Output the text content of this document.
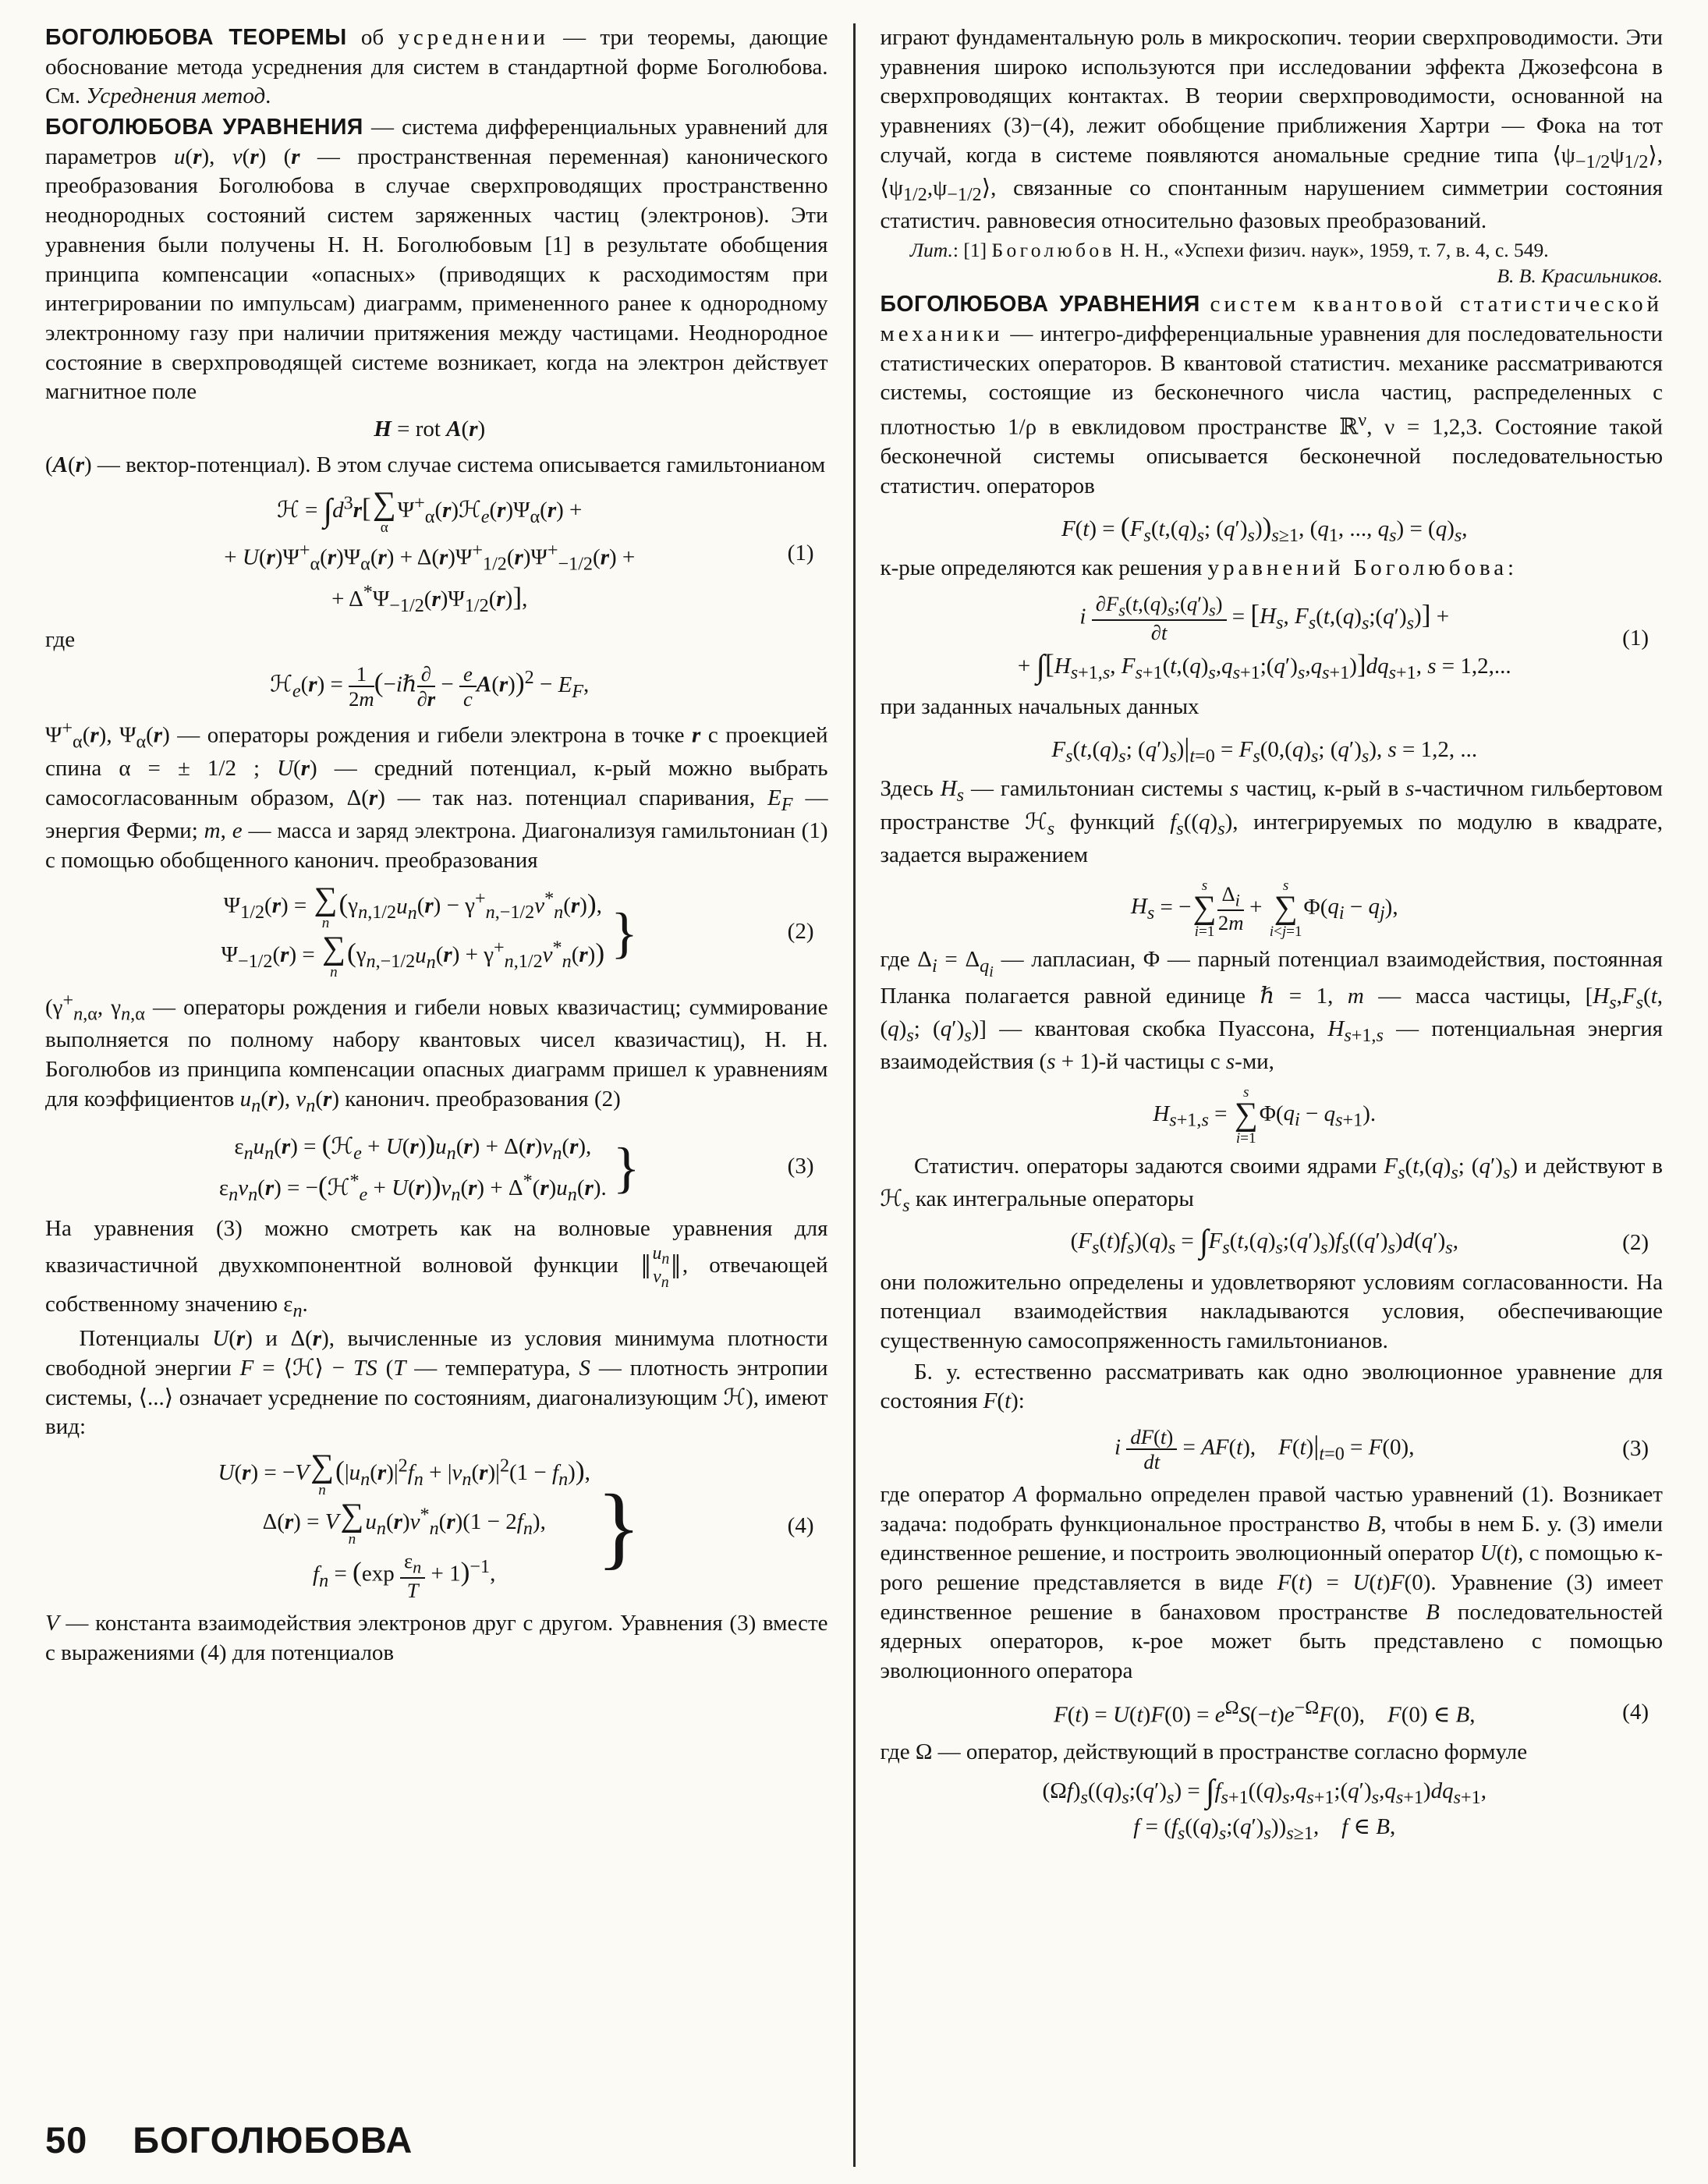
БОГОЛЮБОВА ТЕОРЕМЫ об усреднении — три теоремы, дающие обоснование метода усреднения для систем в стандартной форме Боголюбова. См. Усреднения метод.

БОГОЛЮБОВА УРАВНЕНИЯ — система дифференциальных уравнений для параметров u(r), v(r) (r — пространственная переменная) канонического преобразования Боголюбова в случае сверхпроводящих пространственно неоднородных состояний систем заряженных частиц (электронов). Эти уравнения были получены Н. Н. Боголюбовым [1] в результате обобщения принципа компенсации «опасных» (приводящих к расходимостям при интегрировании по импульсам) диаграмм, примененного ранее к однородному электронному газу при наличии притяжения между частицами. Неоднородное состояние в сверхпроводящей системе возникает, когда на электрон действует магнитное поле

H = rot A(r)

(A(r) — вектор-потенциал). В этом случае система описывается гамильтонианом

ℋ = $\int d^3r$[ ∑
α
$\Psi^+_\alpha(r)ℋ_e(r)\Psi_\alpha(r)$ +
+ $U(r)\Psi^+_\alpha(r)\Psi_\alpha(r) + \Delta(r)\Psi^+_{1/2}(r)\Psi^+_{-1/2}(r)$ +
+ $\Delta^*\Psi_{-1/2}(r)\Psi_{1/2}(r)$],
(1)

где

ℋ$_e$(r) = $\frac{1}{2m}$ (−iℏ $\frac{\partial}{\partial r} - \frac{e}{c} A(r))^2 - E_F$,

$\Psi^+_\alpha(r)$, $\Psi_\alpha(r)$ — операторы рождения и гибели электрона в точке r с проекцией спина α = ± 1/2 ; U(r) — средний потенциал, к-рый можно выбрать самосогласованным образом, Δ(r) — так наз. потенциал спаривания, $E_F$ — энергия Ферми; m, e — масса и заряд электрона. Диагонализуя гамильтониан (1) с помощью обобщенного канонич. преобразования

$\Psi_{1/2}(r)$ = ∑
n
$(\gamma_{n,1/2}u_n(r) - \gamma^+_{n,-1/2}v^*_n(r))$,
$\Psi_{-1/2}(r)$ = ∑
n
$(\gamma_{n,-1/2}u_n(r) + \gamma^+_{n,1/2}v^*_n(r))$ }	(2)

($\gamma^+_{n,\alpha}$, $\gamma_{n,\alpha}$ — операторы рождения и гибели новых квазичастиц; суммирование выполняется по полному набору квантовых чисел квазичастиц), Н. Н. Боголюбов из принципа компенсации опасных диаграмм пришел к уравнениям для коэффициентов $u_n(r)$, $v_n(r)$ канонич. преобразования (2)

$\varepsilon_nu_n(r)$ = (ℋ$_e$ + $U(r))u_n(r) + \Delta(r)v_n(r)$,
$\varepsilon_nv_n(r)$ = −(ℋ*$_e$ + $U(r))v_n(r) + \Delta^*(r)u_n(r)$. }	(3)

На уравнения (3) можно смотреть как на волновые уравнения для квазичастичной двухкомпонентной волновой функции ‖ $u_n$
$v_n$ ‖ , отвечающей собственному значению $\varepsilon_n$.

Потенциалы U(r) и Δ(r), вычисленные из условия минимума плотности свободной энергии F = ⟨ℋ⟩ − TS (T — температура, S — плотность энтропии системы, ⟨...⟩ означает усреднение по состояниям, диагонализующим ℋ), имеют вид:

U(r) = −V ∑
n
$(|u_n(r)|^2f_n + |v_n(r)|^2(1 - f_n))$,
Δ(r) = V ∑
n
$u_n(r)v^*_n(r)(1 - 2f_n)$,
$f_n = (\exp \frac{\varepsilon_n}{T} + 1)^{-1}$,	}	(4)

V — константа взаимодействия электронов друг с другом. Уравнения (3) вместе с выражениями (4) для потенциалов

50 БОГОЛЮБОВА

играют фундаментальную роль в микроскопич. теории сверхпроводимости. Эти уравнения широко используются при исследовании эффекта Джозефсона в сверхпроводящих контактах. В теории сверхпроводимости, основанной на уравнениях (3)−(4), лежит обобщение приближения Хартри — Фока на тот случай, когда в системе появляются аномальные средние типа $⟨\psi_{-1/2}\psi_{1/2}⟩$, $⟨\psi_{1/2},\psi_{-1/2}⟩$, связанные со спонтанным нарушением симметрии состояния статистич. равновесия относительно фазовых преобразований.

Лит.: [1] Боголюбов Н. Н., «Успехи физич. наук», 1959, т. 7, в. 4, с. 549.
В. В. Красильников.

БОГОЛЮБОВА УРАВНЕНИЯ систем квантовой статистической механики — интегро-дифференциальные уравнения для последовательности статистических операторов. В квантовой статистич. механике рассматриваются системы, состоящие из бесконечного числа частиц, распределенных с плотностью 1/ρ в евклидовом пространстве ℝ$^\nu$, ν = 1,2,3. Состояние такой бесконечной системы описывается бесконечной последовательностью статистич. операторов

$F(t) = (F_s(t,(q)_s$; $(q')_s))_{s\ge 1}$, ($q_1$, ..., $q_s) = (q)_s$,

к-рые определяются как решения уравнений Боголюбова:

i $\frac{\partial F_s(t,(q)_s;(q')_s)}{\partial t} = [H_s$, $F_s(t,(q)_s;(q')_s)$] +
+ $\int[H_{s+1,s}$, $F_{s+1}(t,(q)_s,q_{s+1};(q')_s,q_{s+1})]dq_{s+1}$, s = 1,2,...
(1)

при заданных начальных данных

$F_s(t,(q)_s$; $(q')_s)|_{t=0} = F_s(0,(q)_s$; $(q')_s$), s = 1,2, ...

Здесь $H_s$ — гамильтониан системы s частиц, к-рый в s-частичном гильбертовом пространстве ℋ$_s$ функций $f_s((q)_s)$, интегрируемых по модулю в квадрате, задается выражением

$H_s$ = −
s
∑
$i=1 \frac{\Delta_i}{2m}$ +
s
∑
i<j=1
$\Phi(q_i - q_j)$,

где $\Delta_i = \Delta_{q_i}$ — лапласиан, Φ — парный потенциал взаимодействия, постоянная Планка полагается равной единице ℏ = 1, m — масса частицы, [$H_s,F_s(t,(q)_s$; $(q')_s$)] — квантовая скобка Пуассона, $H_{s+1,s}$ — потенциальная энергия взаимодействия (s + 1)-й частицы с s-ми,

$H_{s+1,s}$ =
s
∑
i=1
$\Phi(q_i - q_{s+1})$.

Статистич. операторы задаются своими ядрами $F_s(t,(q)_s$; $(q')_s$) и действуют в ℋ$_s$ как интегральные операторы

$(F_s(t)f_s)(q)_s$ = $\int F_s(t,(q)_s;(q')_s)f_s((q')_s)d(q')_s$,	(2)

они положительно определены и удовлетворяют условиям согласованности. На потенциал взаимодействия накладываются условия, обеспечивающие существенную самосопряженность гамильтонианов.

Б. у. естественно рассматривать как одно эволюционное уравнение для состояния F(t):

i $\frac{dF(t)}{dt} = AF(t)$,    $F(t)|_{t=0} = F(0)$,	(3)

где оператор A формально определен правой частью уравнений (1). Возникает задача: подобрать функциональное пространство B, чтобы в нем Б. у. (3) имели единственное решение, и построить эволюционный оператор U(t), с помощью к-рого решение представляется в виде F(t) = U(t)F(0). Уравнение (3) имеет единственное решение в банаховом пространстве B последовательностей ядерных операторов, к-рое может быть представлено с помощью эволюционного оператора

$F(t) = U(t)F(0) = e^\Omega S(-t)e^{-\Omega}F(0)$,    F(0) ∈ B,	(4)

где Ω — оператор, действующий в пространстве согласно формуле

$(\Omega f)_s((q)_s;(q')_s)$ = $\int f_{s+1}((q)_s,q_{s+1};(q')_s,q_{s+1})dq_{s+1}$,
$f = (f_s((q)_s;(q')_s))_{s\ge 1}$,    f ∈ B,
